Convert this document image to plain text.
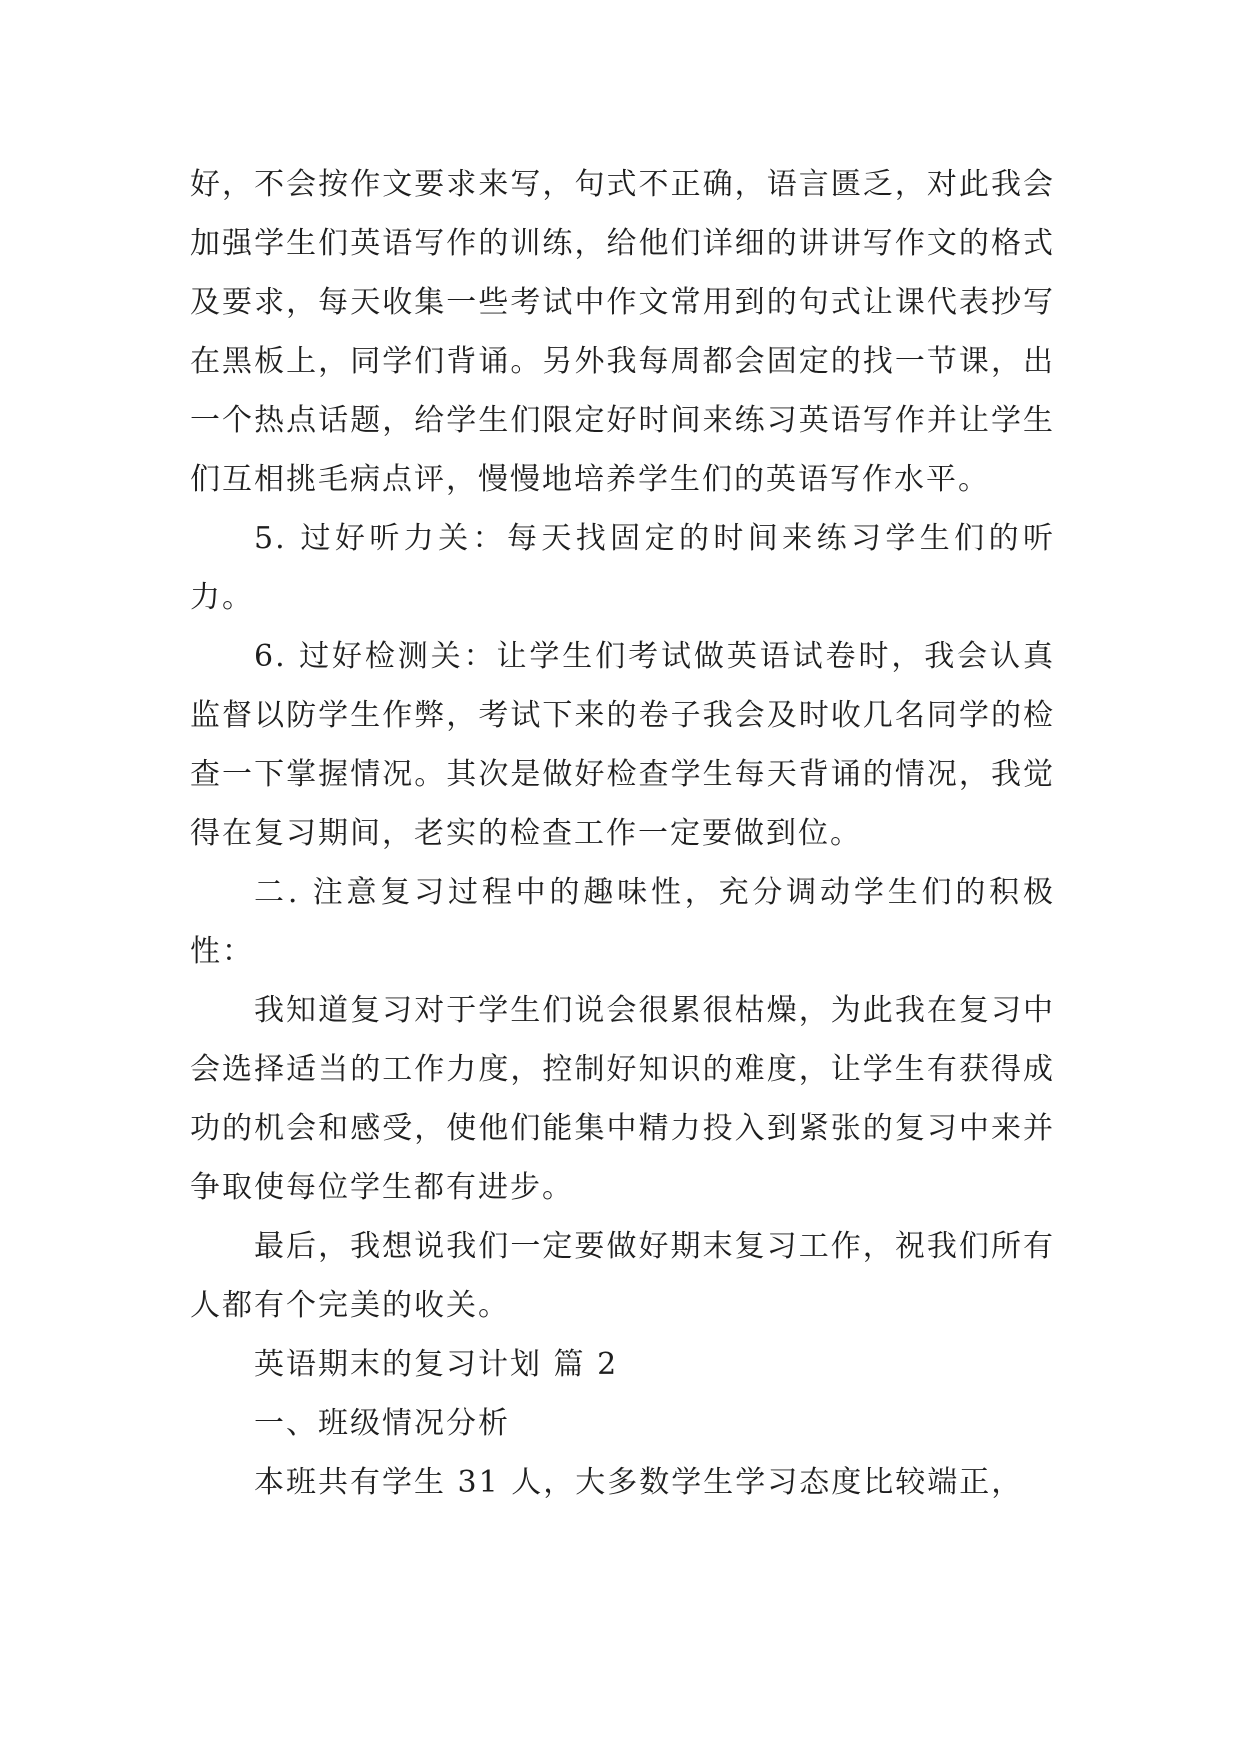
好，不会按作文要求来写，句式不正确，语言匮乏，对此我会加强学生们英语写作的训练，给他们详细的讲讲写作文的格式及要求，每天收集一些考试中作文常用到的句式让课代表抄写在黑板上，同学们背诵。另外我每周都会固定的找一节课，出一个热点话题，给学生们限定好时间来练习英语写作并让学生们互相挑毛病点评，慢慢地培养学生们的英语写作水平。

5. 过好听力关：每天找固定的时间来练习学生们的听力。

6. 过好检测关：让学生们考试做英语试卷时，我会认真监督以防学生作弊，考试下来的卷子我会及时收几名同学的检查一下掌握情况。其次是做好检查学生每天背诵的情况，我觉得在复习期间，老实的检查工作一定要做到位。

二. 注意复习过程中的趣味性，充分调动学生们的积极性：

我知道复习对于学生们说会很累很枯燥，为此我在复习中会选择适当的工作力度，控制好知识的难度，让学生有获得成功的机会和感受，使他们能集中精力投入到紧张的复习中来并争取使每位学生都有进步。

最后，我想说我们一定要做好期末复习工作，祝我们所有人都有个完美的收关。

英语期末的复习计划 篇 2

一、班级情况分析

本班共有学生 31 人，大多数学生学习态度比较端正，
